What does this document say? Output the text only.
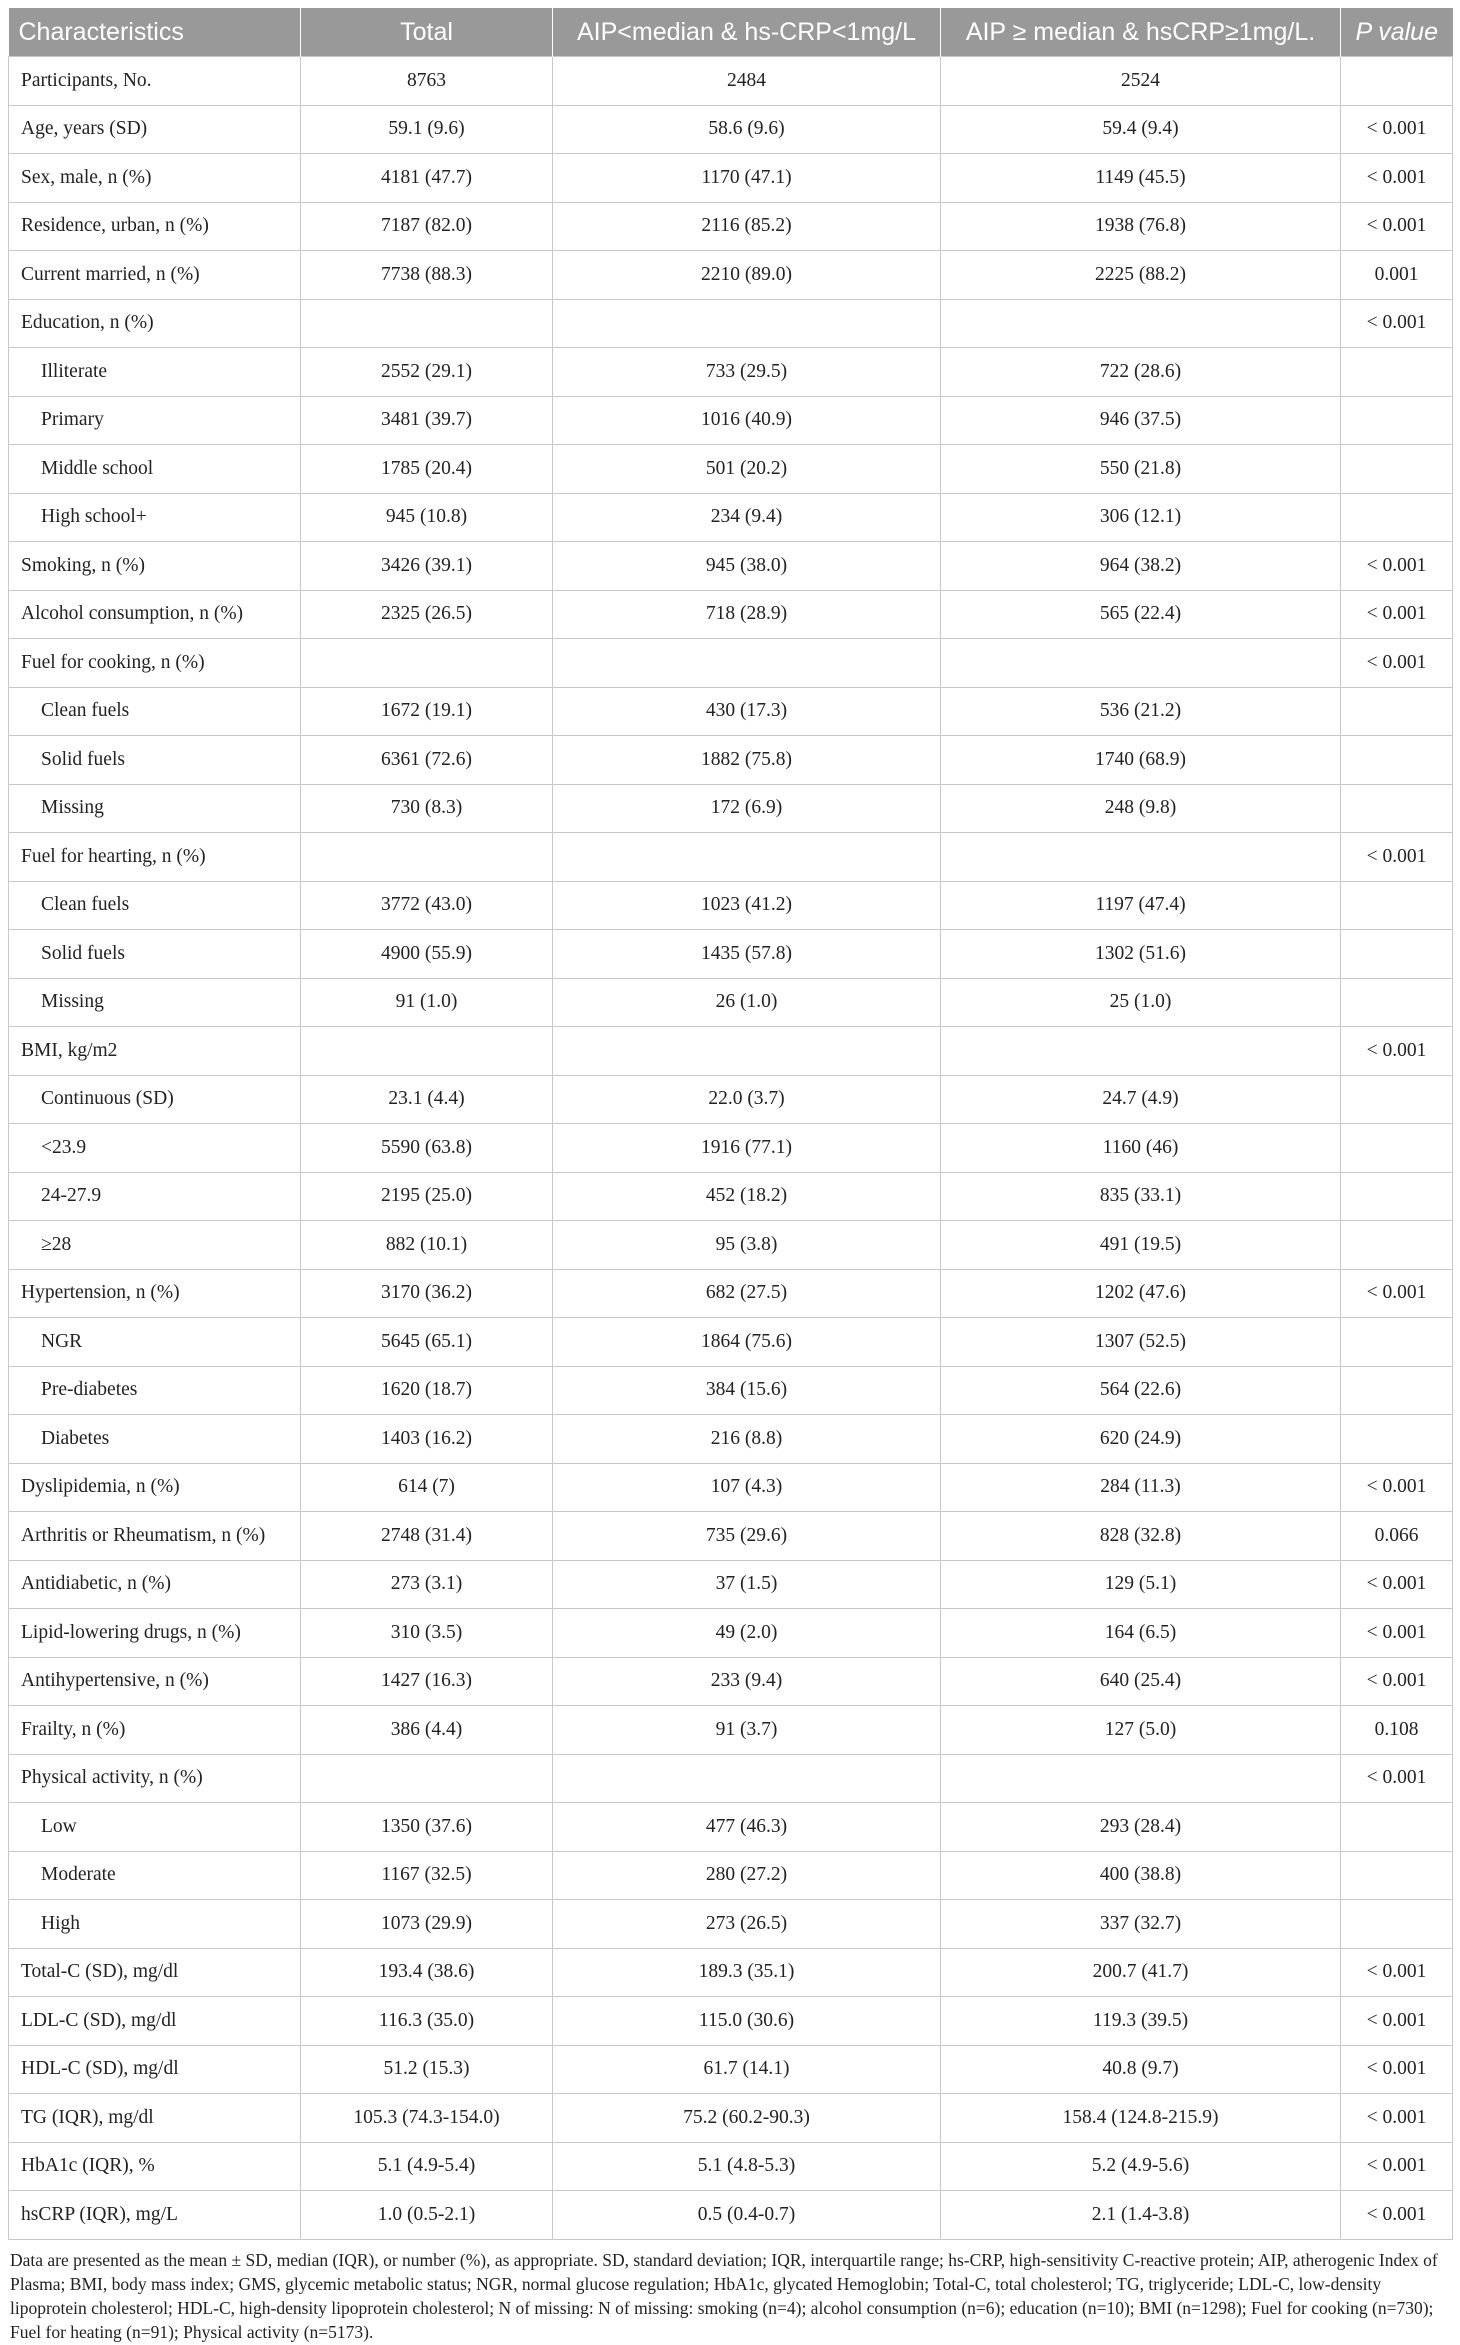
Characteristics	Total	AIP<median & hs-CRP<1mg/L	AIP ≥ median & hsCRP≥1mg/L.	P value
Participants, No.	8763	2484	2524	
Age, years (SD)	59.1 (9.6)	58.6 (9.6)	59.4 (9.4)	< 0.001
Sex, male, n (%)	4181 (47.7)	1170 (47.1)	1149 (45.5)	< 0.001
Residence, urban, n (%)	7187 (82.0)	2116 (85.2)	1938 (76.8)	< 0.001
Current married, n (%)	7738 (88.3)	2210 (89.0)	2225 (88.2)	0.001
Education, n (%)				< 0.001
Illiterate	2552 (29.1)	733 (29.5)	722 (28.6)	
Primary	3481 (39.7)	1016 (40.9)	946 (37.5)	
Middle school	1785 (20.4)	501 (20.2)	550 (21.8)	
High school+	945 (10.8)	234 (9.4)	306 (12.1)	
Smoking, n (%)	3426 (39.1)	945 (38.0)	964 (38.2)	< 0.001
Alcohol consumption, n (%)	2325 (26.5)	718 (28.9)	565 (22.4)	< 0.001
Fuel for cooking, n (%)				< 0.001
Clean fuels	1672 (19.1)	430 (17.3)	536 (21.2)	
Solid fuels	6361 (72.6)	1882 (75.8)	1740 (68.9)	
Missing	730 (8.3)	172 (6.9)	248 (9.8)	
Fuel for hearting, n (%)				< 0.001
Clean fuels	3772 (43.0)	1023 (41.2)	1197 (47.4)	
Solid fuels	4900 (55.9)	1435 (57.8)	1302 (51.6)	
Missing	91 (1.0)	26 (1.0)	25 (1.0)	
BMI, kg/m2				< 0.001
Continuous (SD)	23.1 (4.4)	22.0 (3.7)	24.7 (4.9)	
<23.9	5590 (63.8)	1916 (77.1)	1160 (46)	
24-27.9	2195 (25.0)	452 (18.2)	835 (33.1)	
≥28	882 (10.1)	95 (3.8)	491 (19.5)	
Hypertension, n (%)	3170 (36.2)	682 (27.5)	1202 (47.6)	< 0.001
NGR	5645 (65.1)	1864 (75.6)	1307 (52.5)	
Pre-diabetes	1620 (18.7)	384 (15.6)	564 (22.6)	
Diabetes	1403 (16.2)	216 (8.8)	620 (24.9)	
Dyslipidemia, n (%)	614 (7)	107 (4.3)	284 (11.3)	< 0.001
Arthritis or Rheumatism, n (%)	2748 (31.4)	735 (29.6)	828 (32.8)	0.066
Antidiabetic, n (%)	273 (3.1)	37 (1.5)	129 (5.1)	< 0.001
Lipid-lowering drugs, n (%)	310 (3.5)	49 (2.0)	164 (6.5)	< 0.001
Antihypertensive, n (%)	1427 (16.3)	233 (9.4)	640 (25.4)	< 0.001
Frailty, n (%)	386 (4.4)	91 (3.7)	127 (5.0)	0.108
Physical activity, n (%)				< 0.001
Low	1350 (37.6)	477 (46.3)	293 (28.4)	
Moderate	1167 (32.5)	280 (27.2)	400 (38.8)	
High	1073 (29.9)	273 (26.5)	337 (32.7)	
Total-C (SD), mg/dl	193.4 (38.6)	189.3 (35.1)	200.7 (41.7)	< 0.001
LDL-C (SD), mg/dl	116.3 (35.0)	115.0 (30.6)	119.3 (39.5)	< 0.001
HDL-C (SD), mg/dl	51.2 (15.3)	61.7 (14.1)	40.8 (9.7)	< 0.001
TG (IQR), mg/dl	105.3 (74.3-154.0)	75.2 (60.2-90.3)	158.4 (124.8-215.9)	< 0.001
HbA1c (IQR), %	5.1 (4.9-5.4)	5.1 (4.8-5.3)	5.2 (4.9-5.6)	< 0.001
hsCRP (IQR), mg/L	1.0 (0.5-2.1)	0.5 (0.4-0.7)	2.1 (1.4-3.8)	< 0.001
Data are presented as the mean ± SD, median (IQR), or number (%), as appropriate. SD, standard deviation; IQR, interquartile range; hs-CRP, high-sensitivity C-reactive protein; AIP, atherogenic Index of Plasma; BMI, body mass index; GMS, glycemic metabolic status; NGR, normal glucose regulation; HbA1c, glycated Hemoglobin; Total-C, total cholesterol; TG, triglyceride; LDL-C, low-density lipoprotein cholesterol; HDL-C, high-density lipoprotein cholesterol; N of missing: N of missing: smoking (n=4); alcohol consumption (n=6); education (n=10); BMI (n=1298); Fuel for cooking (n=730); Fuel for heating (n=91); Physical activity (n=5173).
